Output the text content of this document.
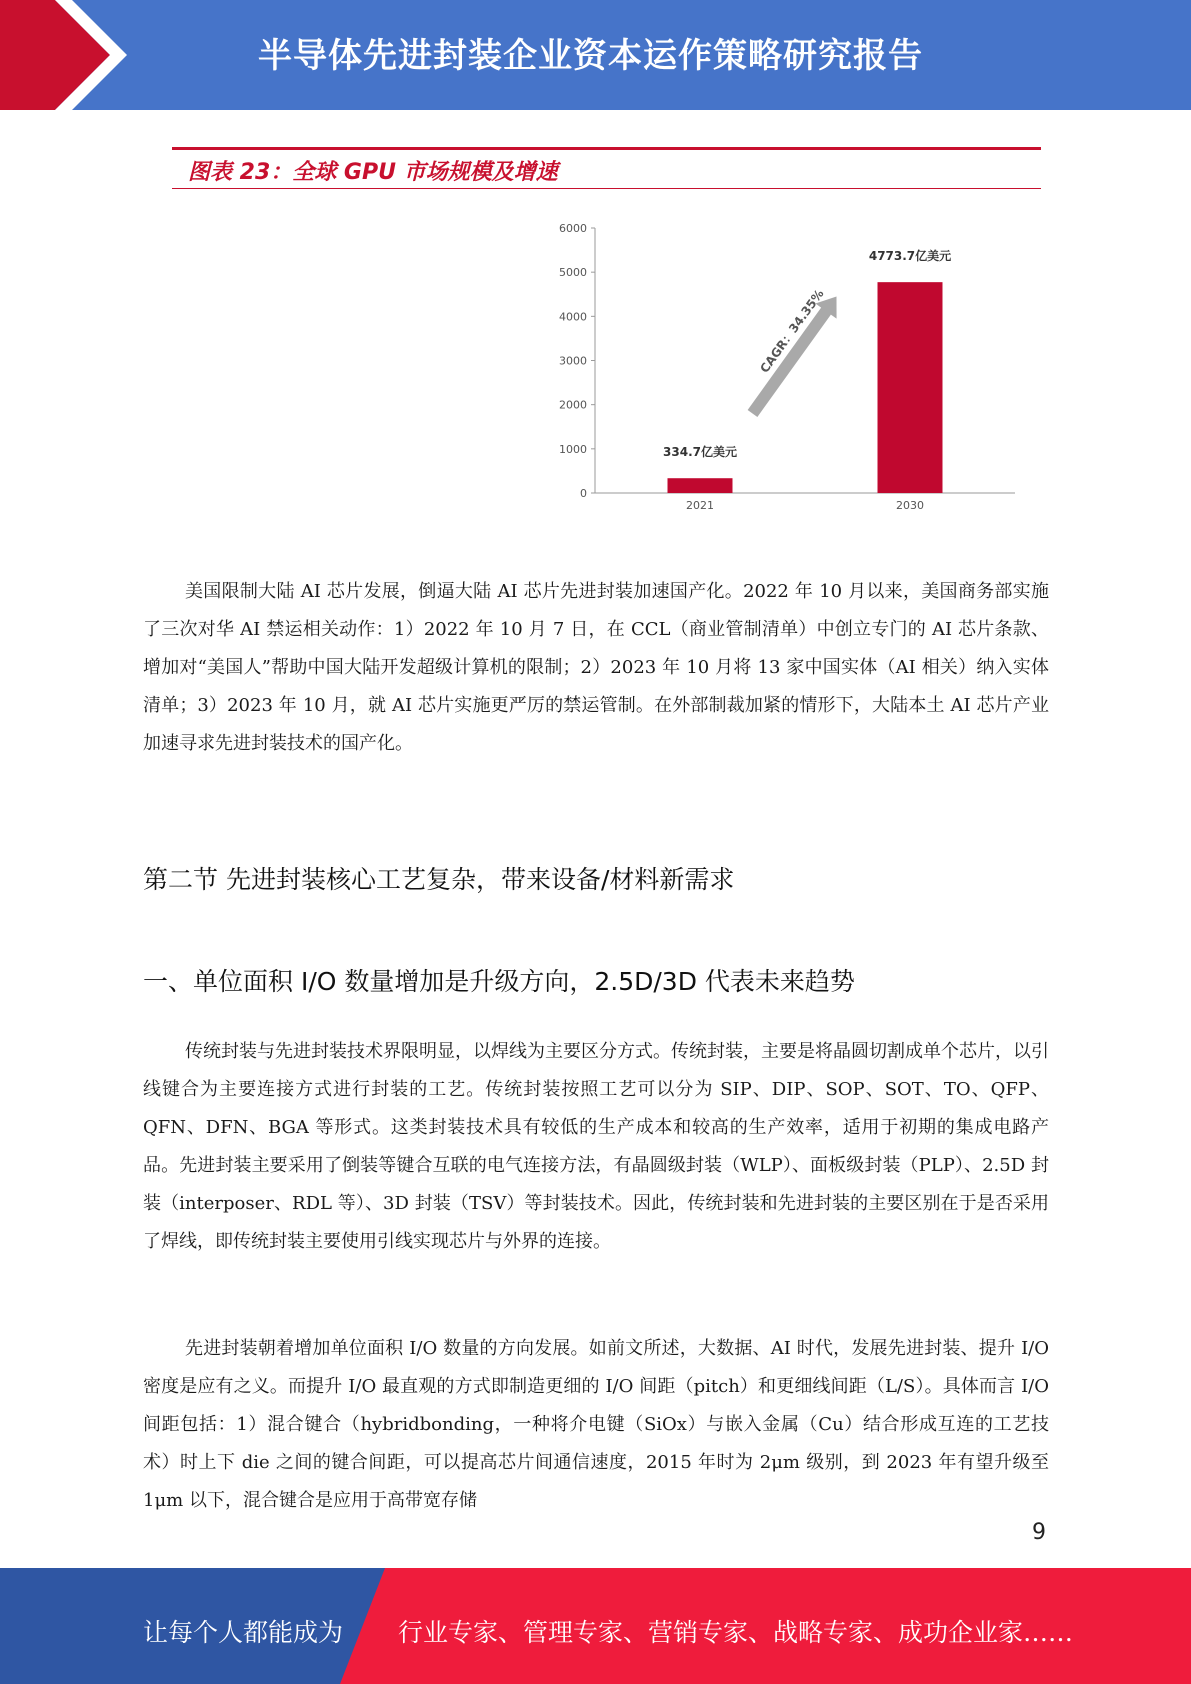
半导体先进封装企业资本运作策略研究报告
图表 23：全球 GPU 市场规模及增速
0
1000
2000
3000
4000
5000
6000
334.7亿美元
2021
4773.7亿美元
2030
CAGR：34.35%

美国限制大陆 AI 芯片发展，倒逼大陆 AI 芯片先进封装加速国产化。2022 年 10 月以来，美国商务部实施了三次对华 AI 禁运相关动作：1）2022 年 10 月 7 日，在 CCL（商业管制清单）中创立专门的 AI 芯片条款、增加对“美国人”帮助中国大陆开发超级计算机的限制；2）2023 年 10 月将 13 家中国实体（AI 相关）纳入实体清单；3）2023 年 10 月，就 AI 芯片实施更严厉的禁运管制。在外部制裁加紧的情形下，大陆本土 AI 芯片产业加速寻求先进封装技术的国产化。

第二节 先进封装核心工艺复杂，带来设备/材料新需求
一、单位面积 I/O 数量增加是升级方向，2.5D/3D 代表未来趋势

传统封装与先进封装技术界限明显，以焊线为主要区分方式。传统封装，主要是将晶圆切割成单个芯片，以引线键合为主要连接方式进行封装的工艺。传统封装按照工艺可以分为 SIP、DIP、SOP、SOT、TO、QFP、QFN、DFN、BGA 等形式。这类封装技术具有较低的生产成本和较高的生产效率，适用于初期的集成电路产品。先进封装主要采用了倒装等键合互联的电气连接方法，有晶圆级封装（WLP）、面板级封装（PLP）、2.5D 封装（interposer、RDL 等）、3D 封装（TSV）等封装技术。因此，传统封装和先进封装的主要区别在于是否采用了焊线，即传统封装主要使用引线实现芯片与外界的连接。

先进封装朝着增加单位面积 I/O 数量的方向发展。如前文所述，大数据、AI 时代，发展先进封装、提升 I/O 密度是应有之义。而提升 I/O 最直观的方式即制造更细的 I/O 间距（pitch）和更细线间距（L/S）。具体而言 I/O 间距包括：1）混合键合（hybridbonding，一种将介电键（SiOx）与嵌入金属（Cu）结合形成互连的工艺技术）时上下 die 之间的键合间距，可以提高芯片间通信速度，2015 年时为 2μm 级别，到 2023 年有望升级至 1μm 以下，混合键合是应用于高带宽存储

9
让每个人都能成为 行业专家、管理专家、营销专家、战略专家、成功企业家……
